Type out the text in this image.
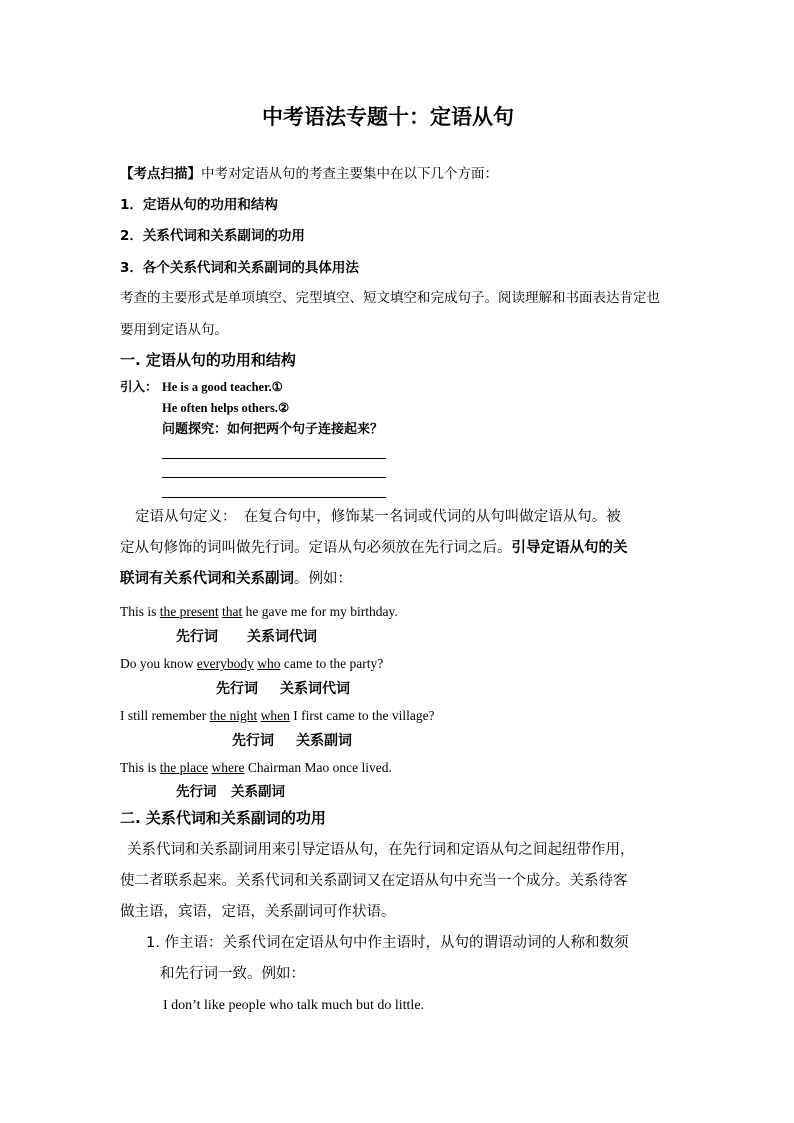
中考语法专题十：定语从句
【考点扫描】中考对定语从句的考查主要集中在以下几个方面：
1．定语从句的功用和结构
2．关系代词和关系副词的功用
3．各个关系代词和关系副词的具体用法
考查的主要形式是单项填空、完型填空、短文填空和完成句子。阅读理解和书面表达肯定也
要用到定语从句。
一. 定语从句的功用和结构
引入： He is a good teacher.①
He often helps others.②
问题探究：如何把两个句子连接起来？
定语从句定义：　在复合句中，修饰某一名词或代词的从句叫做定语从句。被
定从句修饰的词叫做先行词。定语从句必须放在先行词之后。引导定语从句的关
联词有关系代词和关系副词。例如：
This is the present that he gave me for my birthday.
先行词 关系词代词
Do you know everybody who came to the party?
先行词 关系词代词
I still remember the night when I first came to the village?
先行词 关系副词
This is the place where Chairman Mao once lived.
先行词 关系副词
二. 关系代词和关系副词的功用
关系代词和关系副词用来引导定语从句，在先行词和定语从句之间起纽带作用，
使二者联系起来。关系代词和关系副词又在定语从句中充当一个成分。关系待客
做主语，宾语，定语，关系副词可作状语。
1. 作主语：关系代词在定语从句中作主语时，从句的谓语动词的人称和数须
和先行词一致。例如：
I don’t like people who talk much but do little.
